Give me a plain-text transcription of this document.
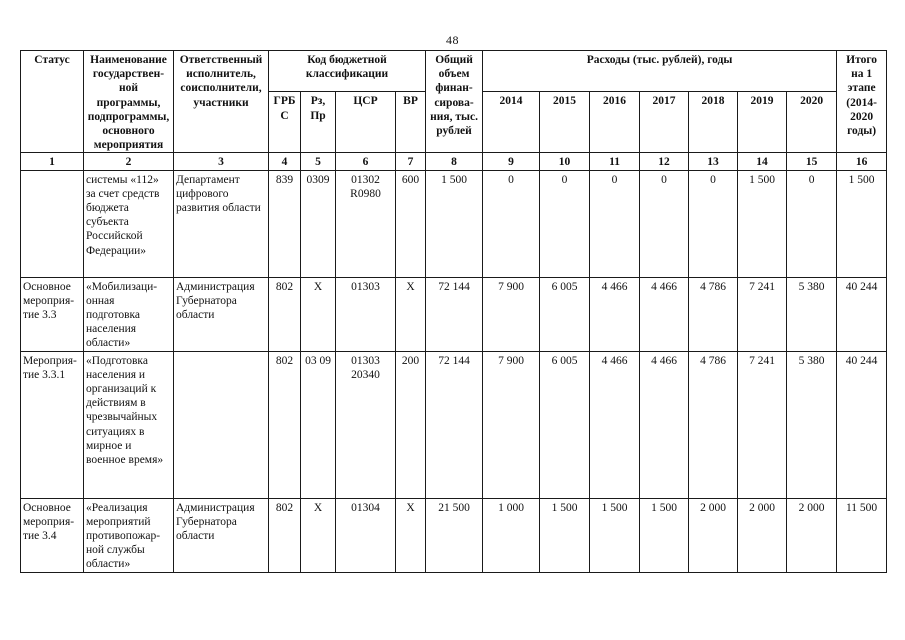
48
Статус	Наименование государствен-ной программы, подпрограммы, основного мероприятия	Ответственный исполнитель, соисполнители, участники	Код бюджетной классификации				Общий объем финан-сирова-ния, тыс. рублей	Расходы (тыс. рублей), годы							Итого на 1 этапе (2014-2020 годы)
			ГРБС	Рз, Пр	ЦСР	ВР		2014	2015	2016	2017	2018	2019	2020	
1	2	3	4	5	6	7	8	9	10	11	12	13	14	15	16
	системы «112» за счет средств бюджета субъекта Российской Федерации»	Департамент цифрового развития области	839	0309	01302 R0980	600	1 500	0	0	0	0	0	1 500	0	1 500
Основное мероприя-тие 3.3	«Мобилизаци-онная подготовка населения области»	Администрация Губернатора области	802	Х	01303	Х	72 144	7 900	6 005	4 466	4 466	4 786	7 241	5 380	40 244
Мероприя-тие 3.3.1	«Подготовка населения и организаций к действиям в чрезвычайных ситуациях в мирное и военное время»		802	03 09	01303 20340	200	72 144	7 900	6 005	4 466	4 466	4 786	7 241	5 380	40 244
Основное мероприя-тие 3.4	«Реализация мероприятий противопожар-ной службы области»	Администрация Губернатора области	802	Х	01304	Х	21 500	1 000	1 500	1 500	1 500	2 000	2 000	2 000	11 500
